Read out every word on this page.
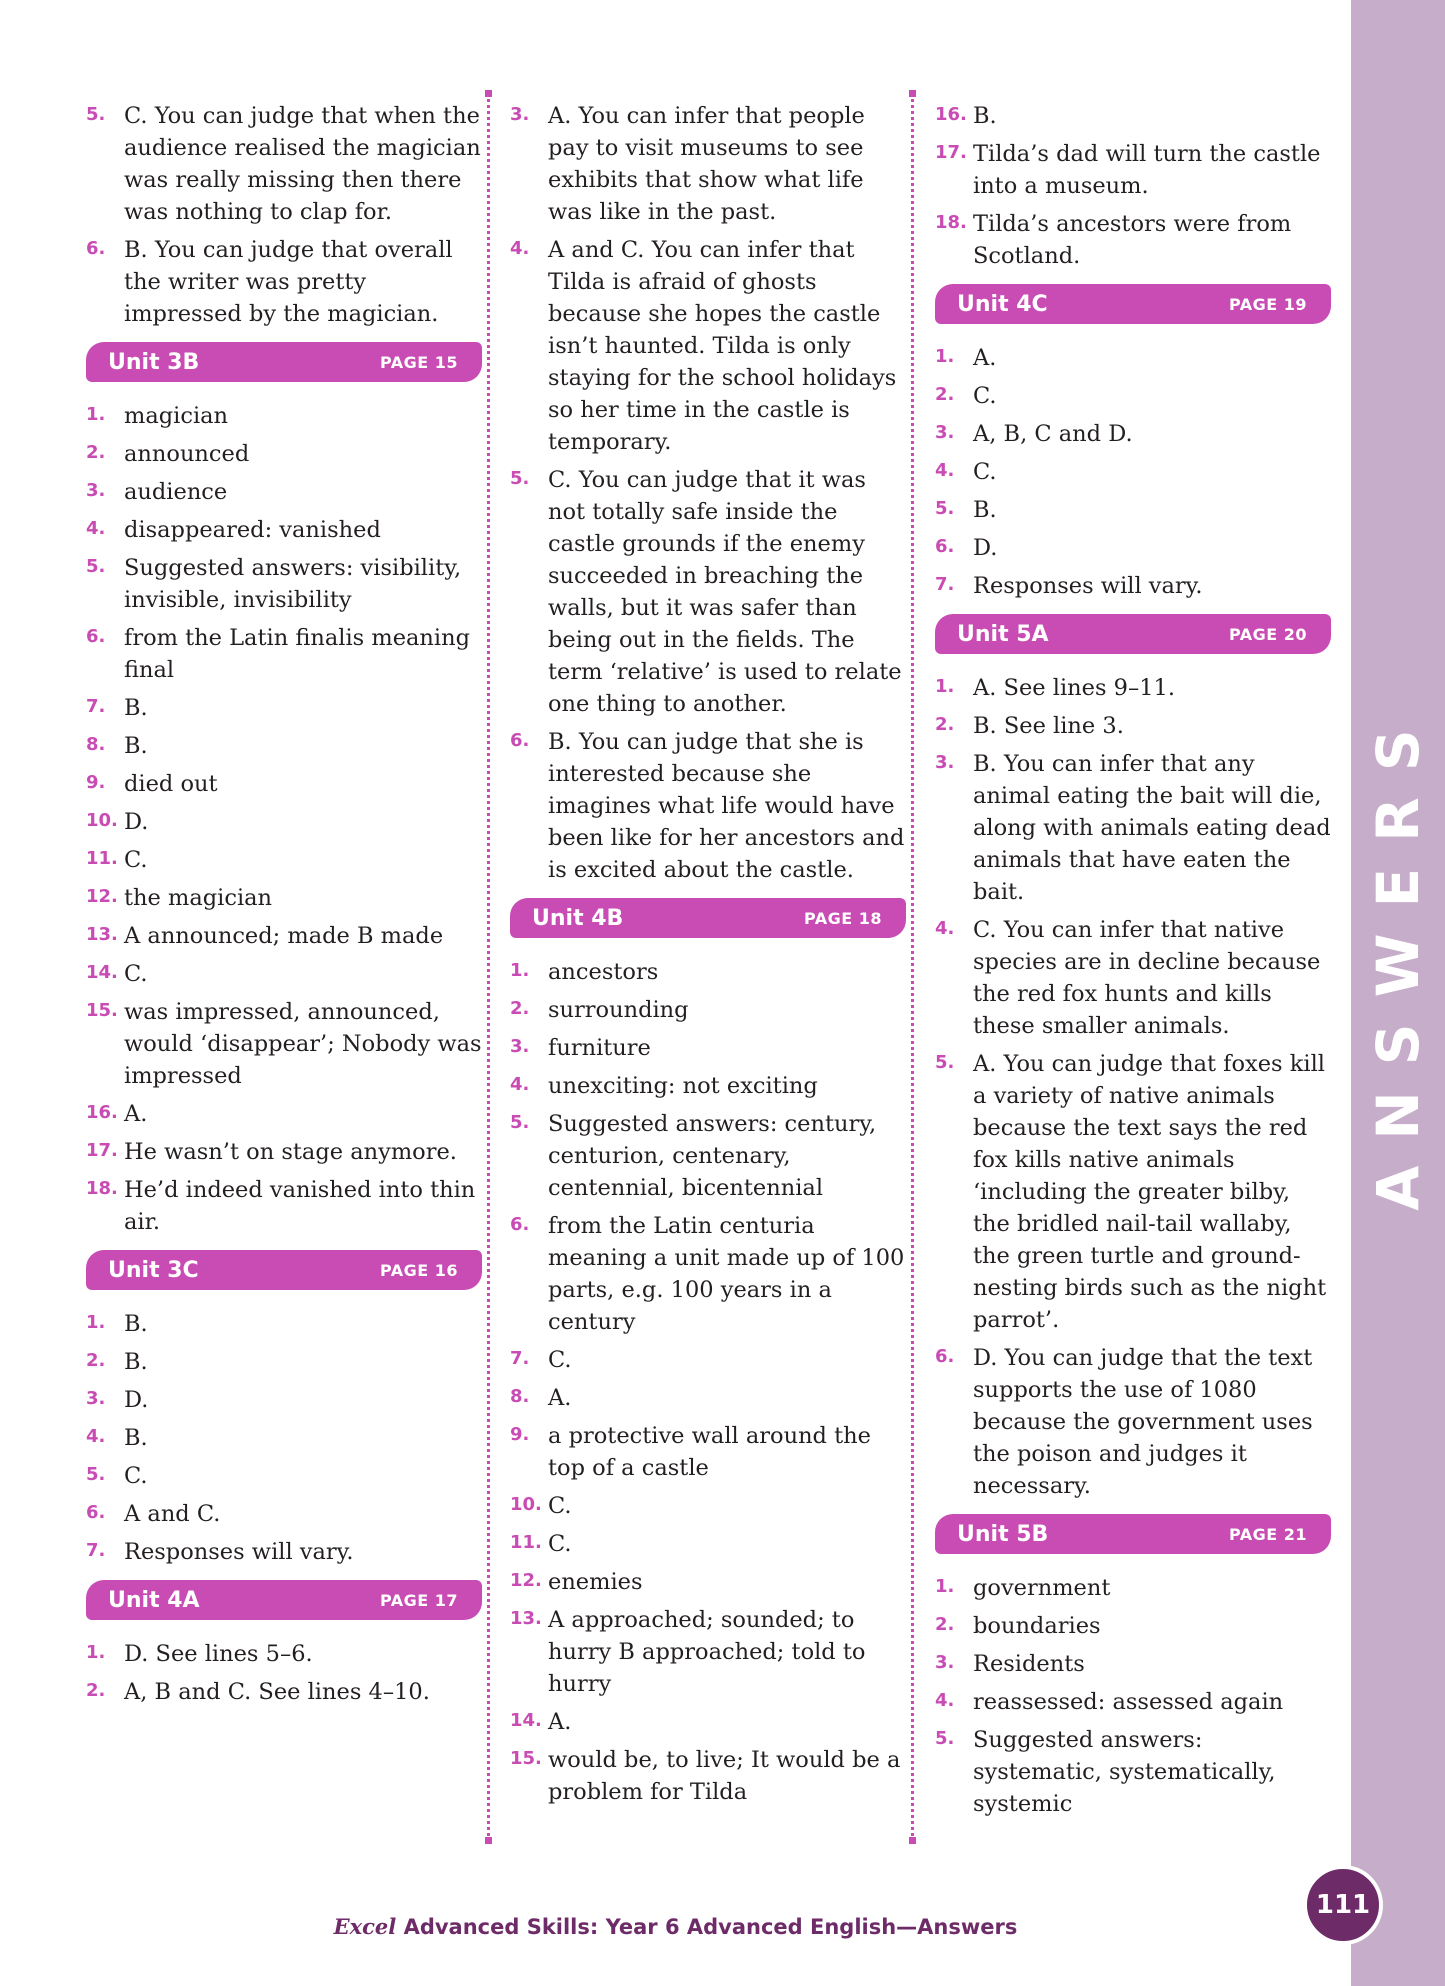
ANSWERS
5. C. You can judge that when the audience realised the magician was really missing then there was nothing to clap for.
6. B. You can judge that overall the writer was pretty impressed by the magician.
Unit 3B	PAGE 15
1. magician
2. announced
3. audience
4. disappeared: vanished
5. Suggested answers: visibility, invisible, invisibility
6. from the Latin finalis meaning final
7. B.
8. B.
9. died out
10. D.
11. C.
12. the magician
13. A announced; made B made
14. C.
15. was impressed, announced, would ‘disappear’; Nobody was impressed
16. A.
17. He wasn’t on stage anymore.
18. He’d indeed vanished into thin air.
Unit 3C	PAGE 16
1. B.
2. B.
3. D.
4. B.
5. C.
6. A and C.
7. Responses will vary.
Unit 4A	PAGE 17
1. D. See lines 5–6.
2. A, B and C. See lines 4–10.
3. A. You can infer that people pay to visit museums to see exhibits that show what life was like in the past.
4. A and C. You can infer that Tilda is afraid of ghosts because she hopes the castle isn’t haunted. Tilda is only staying for the school holidays so her time in the castle is temporary.
5. C. You can judge that it was not totally safe inside the castle grounds if the enemy succeeded in breaching the walls, but it was safer than being out in the fields. The term ‘relative’ is used to relate one thing to another.
6. B. You can judge that she is interested because she imagines what life would have been like for her ancestors and is excited about the castle.
Unit 4B	PAGE 18
1. ancestors
2. surrounding
3. furniture
4. unexciting: not exciting
5. Suggested answers: century, centurion, centenary, centennial, bicentennial
6. from the Latin centuria meaning a unit made up of 100 parts, e.g. 100 years in a century
7. C.
8. A.
9. a protective wall around the top of a castle
10. C.
11. C.
12. enemies
13. A approached; sounded; to hurry B approached; told to hurry
14. A.
15. would be, to live; It would be a problem for Tilda
16. B.
17. Tilda’s dad will turn the castle into a museum.
18. Tilda’s ancestors were from Scotland.
Unit 4C	PAGE 19
1. A.
2. C.
3. A, B, C and D.
4. C.
5. B.
6. D.
7. Responses will vary.
Unit 5A	PAGE 20
1. A. See lines 9–11.
2. B. See line 3.
3. B. You can infer that any animal eating the bait will die, along with animals eating dead animals that have eaten the bait.
4. C. You can infer that native species are in decline because the red fox hunts and kills these smaller animals.
5. A. You can judge that foxes kill a variety of native animals because the text says the red fox kills native animals ‘including the greater bilby, the bridled nail-tail wallaby, the green turtle and ground-nesting birds such as the night parrot’.
6. D. You can judge that the text supports the use of 1080 because the government uses the poison and judges it necessary.
Unit 5B	PAGE 21
1. government
2. boundaries
3. Residents
4. reassessed: assessed again
5. Suggested answers: systematic, systematically, systemic
111
Excel Advanced Skills: Year 6 Advanced English—Answers
